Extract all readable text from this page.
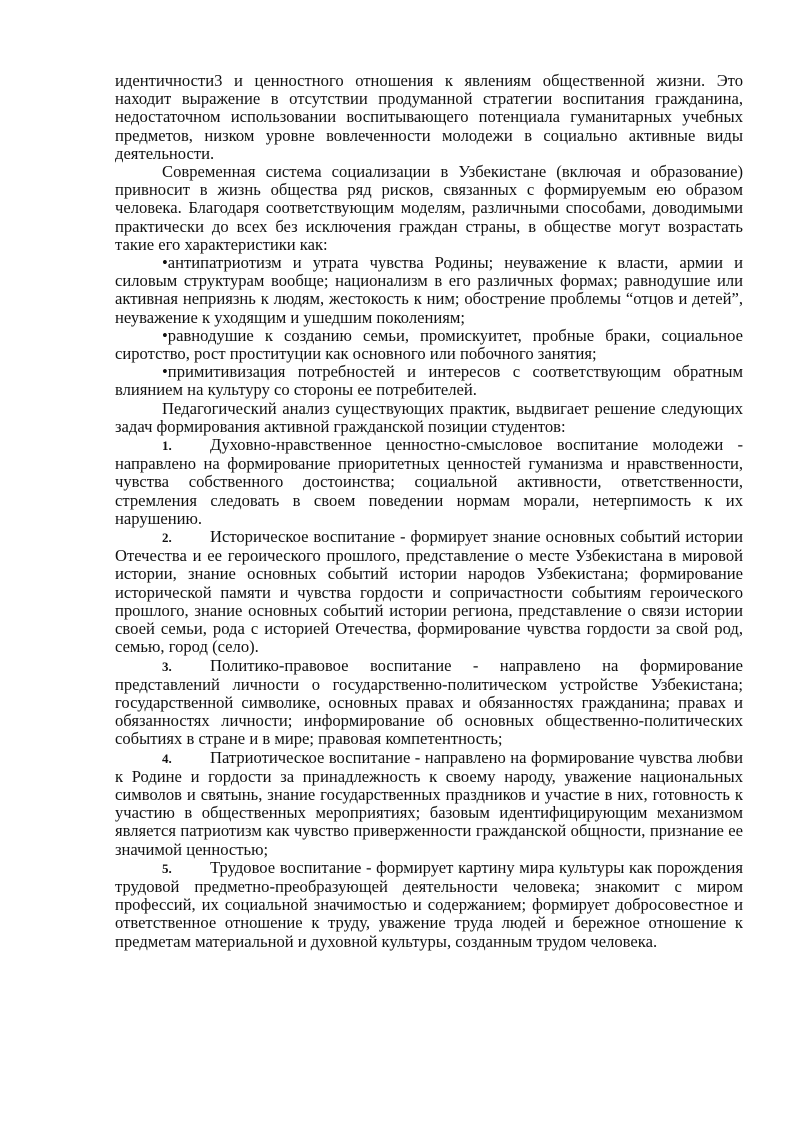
идентичности3 и ценностного отношения к явлениям общественной жизни. Это находит выражение в отсутствии продуманной стратегии воспитания гражданина, недостаточном использовании воспитывающего потенциала гуманитарных учебных предметов, низком уровне вовлеченности молодежи в социально активные виды деятельности.

Современная система социализации в Узбекистане (включая и образование) привносит в жизнь общества ряд рисков, связанных с формируемым ею образом человека. Благодаря соответствующим моделям, различными способами, доводимыми практически до всех без исключения граждан страны, в обществе могут возрастать такие его характеристики как:

•антипатриотизм и утрата чувства Родины; неуважение к власти, армии и силовым структурам вообще; национализм в его различных формах; равнодушие или активная неприязнь к людям, жестокость к ним; обострение проблемы “отцов и детей”, неуважение к уходящим и ушедшим поколениям;

•равнодушие к созданию семьи, промискуитет, пробные браки, социальное сиротство, рост проституции как основного или побочного занятия;

•примитивизация потребностей и интересов с соответствующим обратным влиянием на культуру со стороны ее потребителей.

Педагогический анализ существующих практик, выдвигает решение следующих задач формирования активной гражданской позиции студентов:

1. Духовно-нравственное ценностно-смысловое воспитание молодежи - направлено на формирование приоритетных ценностей гуманизма и нравственности, чувства собственного достоинства; социальной активности, ответственности, стремления следовать в своем поведении нормам морали, нетерпимость к их нарушению.

2. Историческое воспитание - формирует знание основных событий истории Отечества и ее героического прошлого, представление о месте Узбекистана в мировой истории, знание основных событий истории народов Узбекистана; формирование исторической памяти и чувства гордости и сопричастности событиям героического прошлого, знание основных событий истории региона, представление о связи истории своей семьи, рода с историей Отечества, формирование чувства гордости за свой род, семью, город (село).

3. Политико-правовое воспитание - направлено на формирование представлений личности о государственно-политическом устройстве Узбекистана; государственной символике, основных правах и обязанностях гражданина; правах и обязанностях личности; информирование об основных общественно-политических событиях в стране и в мире; правовая компетентность;

4. Патриотическое воспитание - направлено на формирование чувства любви к Родине и гордости за принадлежность к своему народу, уважение национальных символов и святынь, знание государственных праздников и участие в них, готовность к участию в общественных мероприятиях; базовым идентифицирующим механизмом является патриотизм как чувство приверженности гражданской общности, признание ее значимой ценностью;

5. Трудовое воспитание - формирует картину мира культуры как порождения трудовой предметно-преобразующей деятельности человека; знакомит с миром профессий, их социальной значимостью и содержанием; формирует добросовестное и ответственное отношение к труду, уважение труда людей и бережное отношение к предметам материальной и духовной культуры, созданным трудом человека.
